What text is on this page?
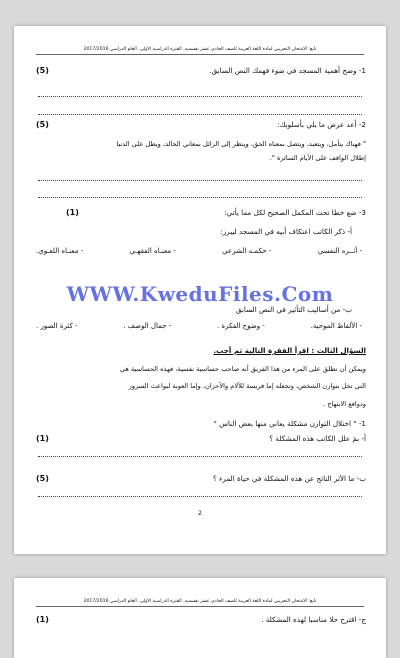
تابع: الامتحان التجريبي لمادة اللغة العربية للصف الحادي عشر بقسميه. الفترة الدراسية الأولى. العام الدراسي 2017/2016
1- وضح أهمية المسجد في ضوء فهمك النص السابق.
(5)
2- أعد عرض ما يلي بأسلوبك:
(5)
" فهناك يتأمل، ويتعبد، ويتصل بمعناه الحق، وينظر إلى الزائل بمعاني الخالد، ويطل على الدنيا
إطلال الواقف على الأيام السائرة ".
3- ضع خطا تحت المكمل الصحيح لكل مما يأتي:
(1)
أ- ذكر الكاتب اعتكاف أبيه في المسجد ليبرز:
- أثــره النفسي
- حكمـه الشرعي
- معنـاه الفقهـي
- معنـاه اللغـوي.
WWW.KweduFiles.Com
ب- من أساليب التأثير في النص السابق
- الألفاظ الموحية.
- وضوح الفكرة .
- جمال الوصف .
- كثرة الصور .
السؤال الثالث : اقرأ الفقرة التالية ثم أجب.
ويمكن أن نطلق على المرء من هذا الفريق أنه صاحب حساسية نفسية، فهذه الحساسية هي
التي تخل بتوازن الشخص، وتجعله إما فريسة للآلام والأحزان، وإما العوبة لبواعث السرور
ودوافع الابتهاج .
1- " اختلال التوازن مشكلة يعاني منها بعض الناس "
أ- بمَ علل الكاتب هذه المشكلة ؟
(1)
ب- ما الأثر الناتج عن هذه المشكلة في حياة المرء ؟
(5)
2
تابع: الامتحان التجريبي لمادة اللغة العربية للصف الحادي عشر بقسميه. الفترة الدراسية الأولى. العام الدراسي 2017/2016
ج- اقترح حلا مناسبا لهذه المشكلة .
(1)
